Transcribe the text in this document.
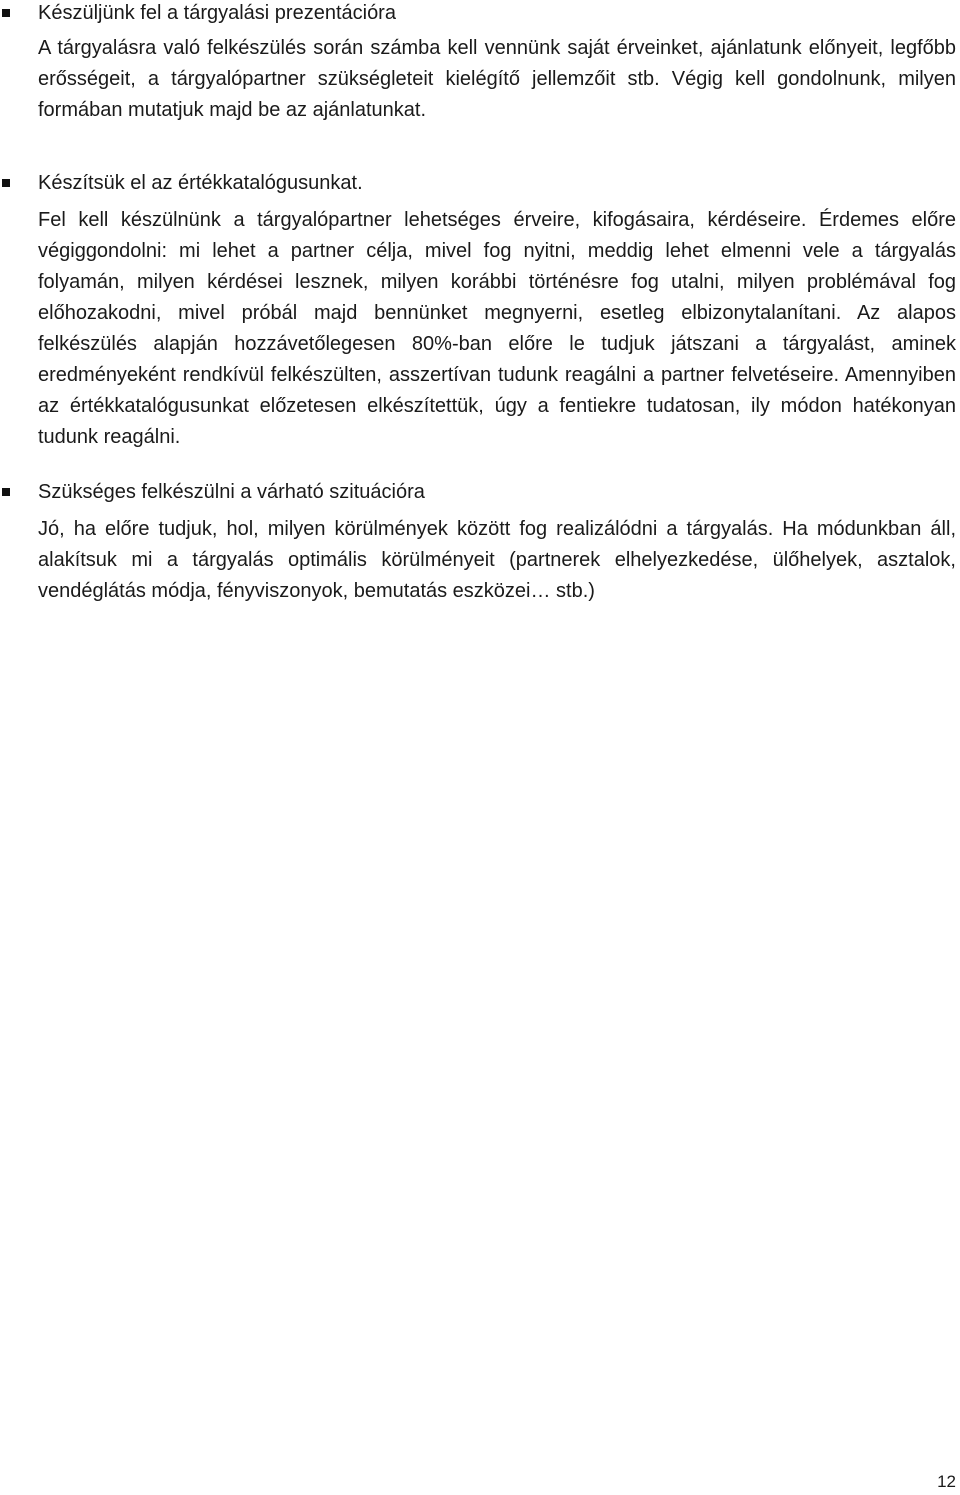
Készüljünk fel a tárgyalási prezentációra
A tárgyalásra való felkészülés során számba kell vennünk saját érveinket, ajánlatunk előnyeit, legfőbb erősségeit, a tárgyalópartner szükségleteit kielégítő jellemzőit stb. Végig kell gondolnunk, milyen formában mutatjuk majd be az ajánlatunkat.
Készítsük el az értékkatalógusunkat.
Fel kell készülnünk a tárgyalópartner lehetséges érveire, kifogásaira, kérdéseire. Érdemes előre végiggondolni: mi lehet a partner célja, mivel fog nyitni, meddig lehet elmenni vele a tárgyalás folyamán, milyen kérdései lesznek, milyen korábbi történésre fog utalni, milyen problémával fog előhozakodni, mivel próbál majd bennünket megnyerni, esetleg elbizonytalanítani. Az alapos felkészülés alapján hozzávetőlegesen 80%-ban előre le tudjuk játszani a tárgyalást, aminek eredményeként rendkívül felkészülten, asszertívan tudunk reagálni a partner felvetéseire. Amennyiben az értékkatalógusunkat előzetesen elkészítettük, úgy a fentiekre tudatosan, ily módon hatékonyan tudunk reagálni.
Szükséges felkészülni a várható szituációra
Jó, ha előre tudjuk, hol, milyen körülmények között fog realizálódni a tárgyalás. Ha módunkban áll, alakítsuk mi a tárgyalás optimális körülményeit (partnerek elhelyezkedése, ülőhelyek, asztalok, vendéglátás módja, fényviszonyok, bemutatás eszközei… stb.)
12
